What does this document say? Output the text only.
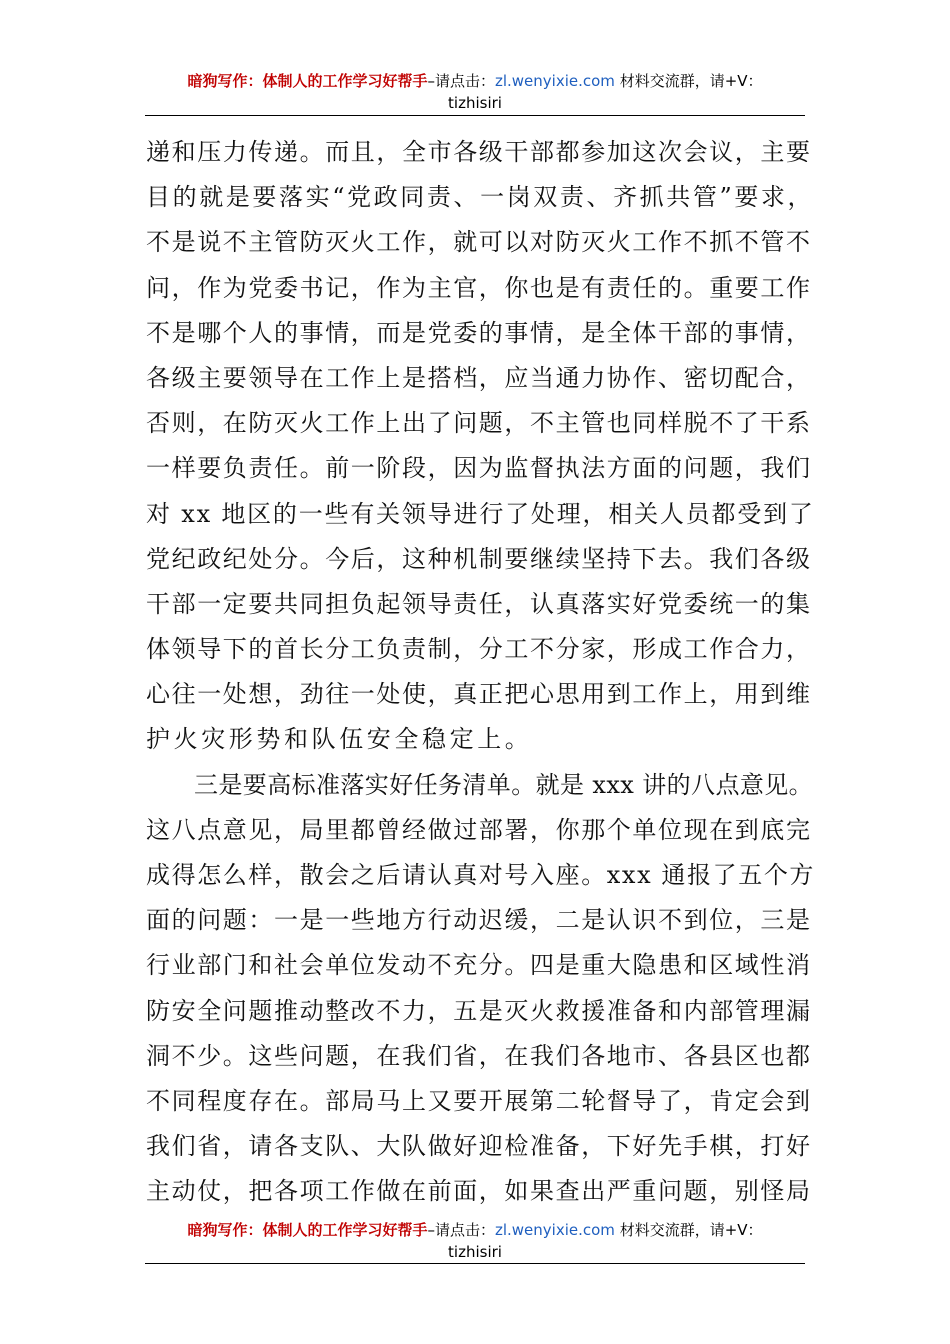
暗狗写作：体制人的工作学习好帮手–请点击：zl.wenyixie.com 材料交流群，请+V：
tizhisiri
递和压力传递。而且，全市各级干部都参加这次会议，主要
目的就是要落实“党政同责、一岗双责、齐抓共管”要求，
不是说不主管防灭火工作，就可以对防灭火工作不抓不管不
问，作为党委书记，作为主官，你也是有责任的。重要工作
不是哪个人的事情，而是党委的事情，是全体干部的事情，
各级主要领导在工作上是搭档，应当通力协作、密切配合，
否则，在防灭火工作上出了问题，不主管也同样脱不了干系
一样要负责任。前一阶段，因为监督执法方面的问题，我们
对 xx 地区的一些有关领导进行了处理，相关人员都受到了
党纪政纪处分。今后，这种机制要继续坚持下去。我们各级
干部一定要共同担负起领导责任，认真落实好党委统一的集
体领导下的首长分工负责制，分工不分家，形成工作合力，
心往一处想，劲往一处使，真正把心思用到工作上，用到维
护火灾形势和队伍安全稳定上。
三是要高标准落实好任务清单。就是 xxx 讲的八点意见。
这八点意见，局里都曾经做过部署，你那个单位现在到底完
成得怎么样，散会之后请认真对号入座。xxx 通报了五个方
面的问题：一是一些地方行动迟缓，二是认识不到位，三是
行业部门和社会单位发动不充分。四是重大隐患和区域性消
防安全问题推动整改不力，五是灭火救援准备和内部管理漏
洞不少。这些问题，在我们省，在我们各地市、各县区也都
不同程度存在。部局马上又要开展第二轮督导了，肯定会到
我们省，请各支队、大队做好迎检准备，下好先手棋，打好
主动仗，把各项工作做在前面，如果查出严重问题，别怪局
暗狗写作：体制人的工作学习好帮手–请点击：zl.wenyixie.com 材料交流群，请+V：
tizhisiri
